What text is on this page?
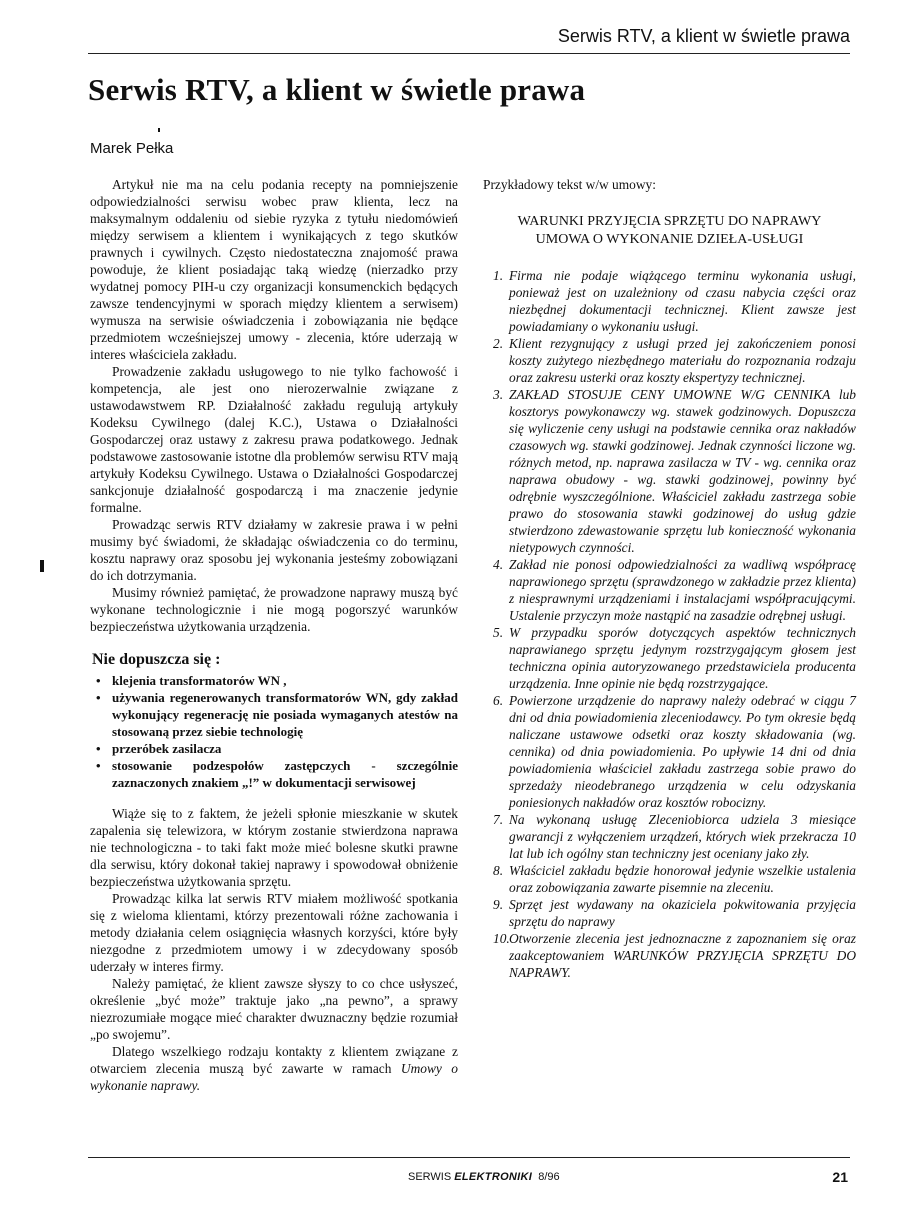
Serwis RTV, a klient w świetle prawa
Serwis RTV, a klient w świetle prawa
Marek Pełka

Artykuł nie ma na celu podania recepty na pomniejszenie odpowiedzialności serwisu wobec praw klienta, lecz na maksymalnym oddaleniu od siebie ryzyka z tytułu niedomówień między serwisem a klientem i wynikających z tego skutków prawnych i cywilnych. Często niedostateczna znajomość prawa powoduje, że klient posiadając taką wiedzę (nierzadko przy wydatnej pomocy PIH-u czy organizacji konsumenckich będących zawsze tendencyjnymi w sporach między klientem a serwisem) wymusza na serwisie oświadczenia i zobowiązania nie będące przedmiotem wcześniejszej umowy - zlecenia, które uderzają w interes właściciela zakładu.

Prowadzenie zakładu usługowego to nie tylko fachowość i kompetencja, ale jest ono nierozerwalnie związane z ustawodawstwem RP. Działalność zakładu regulują artykuły Kodeksu Cywilnego (dalej K.C.), Ustawa o Działalności Gospodarczej oraz ustawy z zakresu prawa podatkowego. Jednak podstawowe zastosowanie istotne dla problemów serwisu RTV mają artykuły Kodeksu Cywilnego. Ustawa o Działalności Gospodarczej sankcjonuje działalność gospodarczą i ma znaczenie jedynie formalne.

Prowadząc serwis RTV działamy w zakresie prawa i w pełni musimy być świadomi, że składając oświadczenia co do terminu, kosztu naprawy oraz sposobu jej wykonania jesteśmy zobowiązani do ich dotrzymania.

Musimy również pamiętać, że prowadzone naprawy muszą być wykonane technologicznie i nie mogą pogorszyć warunków bezpieczeństwa użytkowania urządzenia.

Nie dopuszcza się :
• klejenia transformatorów WN ,
• używania regenerowanych transformatorów WN, gdy zakład wykonujący regenerację nie posiada wymaganych atestów na stosowaną przez siebie technologię
• przeróbek zasilacza
• stosowanie podzespołów zastępczych - szczególnie zaznaczonych znakiem „!” w dokumentacji serwisowej

Wiąże się to z faktem, że jeżeli spłonie mieszkanie w skutek zapalenia się telewizora, w którym zostanie stwierdzona naprawa nie technologiczna - to taki fakt może mieć bolesne skutki prawne dla serwisu, który dokonał takiej naprawy i spowodował obniżenie bezpieczeństwa użytkowania sprzętu.

Prowadząc kilka lat serwis RTV miałem możliwość spotkania się z wieloma klientami, którzy prezentowali różne zachowania i metody działania celem osiągnięcia własnych korzyści, które były niezgodne z przedmiotem umowy i w zdecydowany sposób uderzały w interes firmy.

Należy pamiętać, że klient zawsze słyszy to co chce usłyszeć, określenie „być może” traktuje jako „na pewno”, a sprawy niezrozumiałe mogące mieć charakter dwuznaczny będzie rozumiał „po swojemu”.

Dlatego wszelkiego rodzaju kontakty z klientem związane z otwarciem zlecenia muszą być zawarte w ramach Umowy o wykonanie naprawy.

Przykładowy tekst w/w umowy:

WARUNKI PRZYJĘCIA SPRZĘTU DO NAPRAWY
UMOWA O WYKONANIE DZIEŁA-USŁUGI
1. Firma nie podaje wiążącego terminu wykonania usługi, ponieważ jest on uzależniony od czasu nabycia części oraz niezbędnej dokumentacji technicznej. Klient zawsze jest powiadamiany o wykonaniu usługi.
2. Klient rezygnujący z usługi przed jej zakończeniem ponosi koszty zużytego niezbędnego materiału do rozpoznania rodzaju oraz zakresu usterki oraz koszty ekspertyzy technicznej.
3. ZAKŁAD STOSUJE CENY UMOWNE W/G CENNIKA lub kosztorys powykonawczy wg. stawek godzinowych. Dopuszcza się wyliczenie ceny usługi na podstawie cennika oraz nakładów czasowych wg. stawki godzinowej. Jednak czynności liczone wg. różnych metod, np. naprawa zasilacza w TV - wg. cennika oraz naprawa obudowy - wg. stawki godzinowej, powinny być odrębnie wyszczególnione. Właściciel zakładu zastrzega sobie prawo do stosowania stawki godzinowej do usług gdzie stwierdzono zdewastowanie sprzętu lub konieczność wykonania nietypowych czynności.
4. Zakład nie ponosi odpowiedzialności za wadliwą współpracę naprawionego sprzętu (sprawdzonego w zakładzie przez klienta) z niesprawnymi urządzeniami i instalacjami współpracującymi. Ustalenie przyczyn może nastąpić na zasadzie odrębnej usługi.
5. W przypadku sporów dotyczących aspektów technicznych naprawianego sprzętu jedynym rozstrzygającym głosem jest techniczna opinia autoryzowanego przedstawiciela producenta urządzenia. Inne opinie nie będą rozstrzygające.
6. Powierzone urządzenie do naprawy należy odebrać w ciągu 7 dni od dnia powiadomienia zleceniodawcy. Po tym okresie będą naliczane ustawowe odsetki oraz koszty składowania (wg. cennika) od dnia powiadomienia. Po upływie 14 dni od dnia powiadomienia właściciel zakładu zastrzega sobie prawo do sprzedaży nieodebranego urządzenia w celu odzyskania poniesionych nakładów oraz kosztów robocizny.
7. Na wykonaną usługę Zleceniobiorca udziela 3 miesiące gwarancji z wyłączeniem urządzeń, których wiek przekracza 10 lat lub ich ogólny stan techniczny jest oceniany jako zły.
8. Właściciel zakładu będzie honorował jedynie wszelkie ustalenia oraz zobowiązania zawarte pisemnie na zleceniu.
9. Sprzęt jest wydawany na okaziciela pokwitowania przyjęcia sprzętu do naprawy
10. Otworzenie zlecenia jest jednoznaczne z zapoznaniem się oraz zaakceptowaniem WARUNKÓW PRZYJĘCIA SPRZĘTU DO NAPRAWY.
SERWIS ELEKTRONIKI 8/96	21
